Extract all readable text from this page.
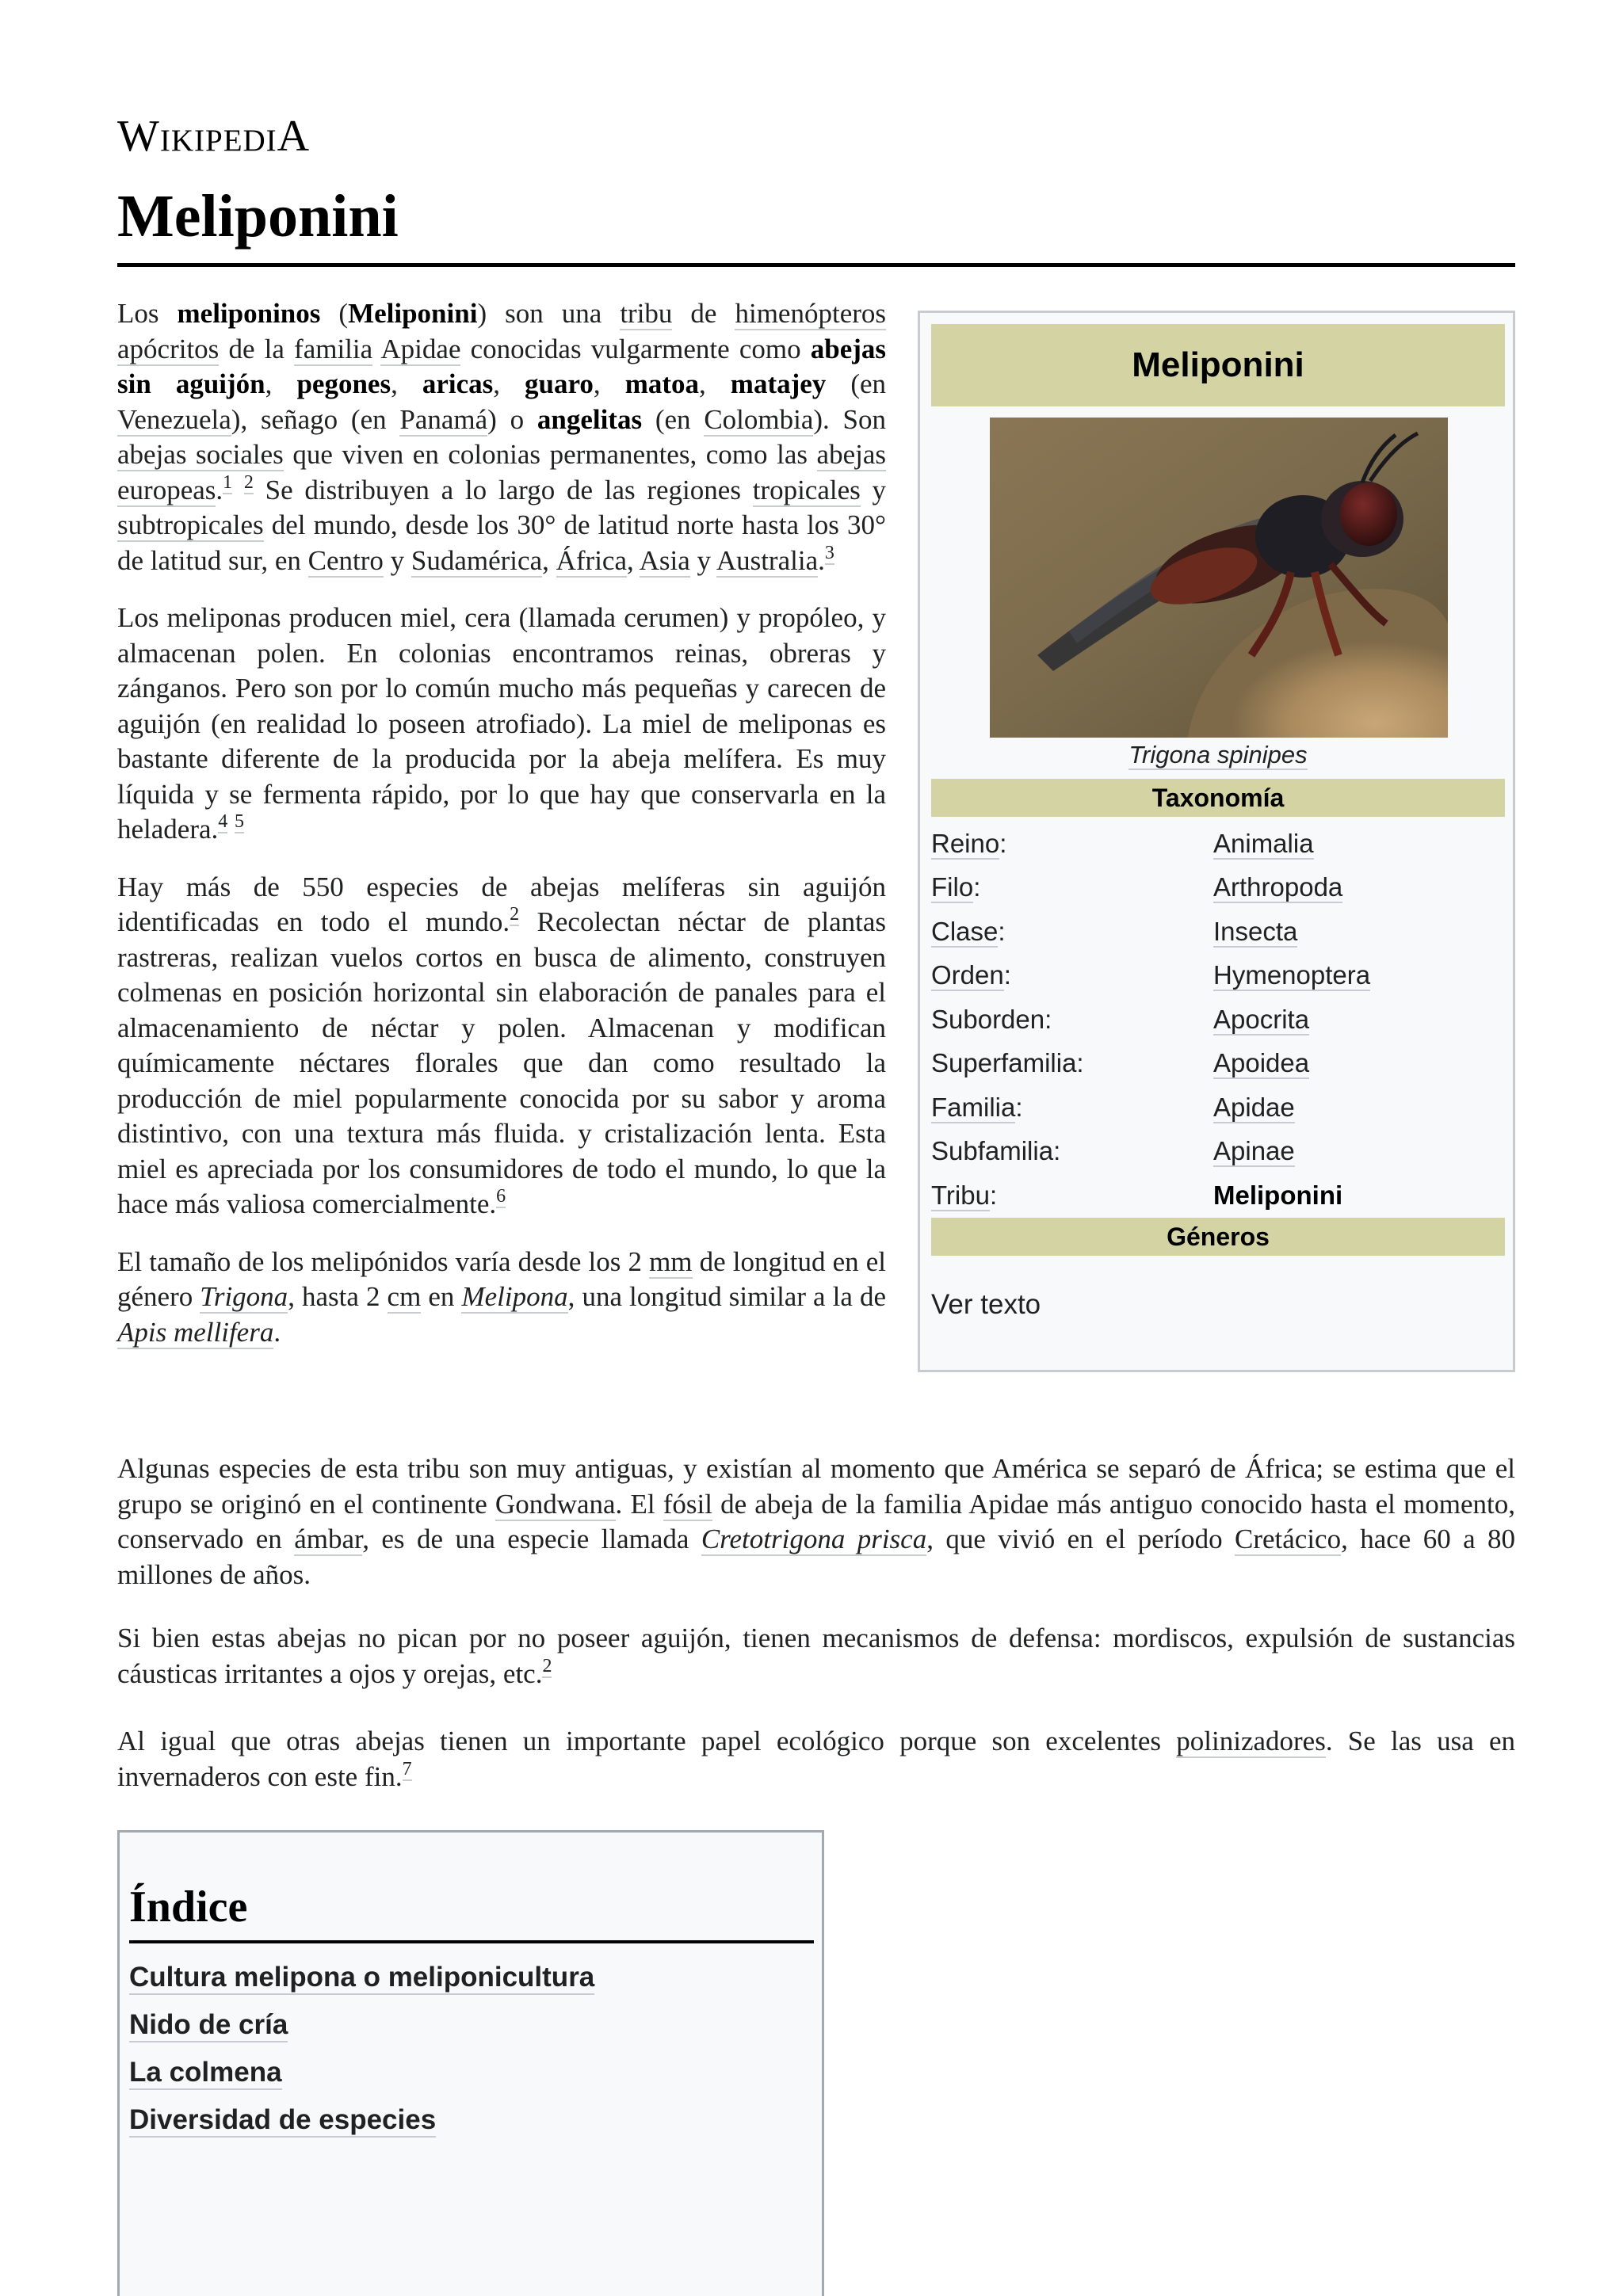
WikipediA
Meliponini

Los meliponinos (Meliponini) son una tribu de himenópteros apócritos de la familia Apidae conocidas vulgarmente como abejas sin aguijón, pegones, aricas, guaro, matoa, matajey (en Venezuela), señago (en Panamá) o angelitas (en Colombia). Son abejas sociales que viven en colonias permanentes, como las abejas europeas.$^1$ $^2$ Se distribuyen a lo largo de las regiones tropicales y subtropicales del mundo, desde los 30° de latitud norte hasta los 30° de latitud sur, en Centro y Sudamérica, África, Asia y Australia.$^3$

Los meliponas producen miel, cera (llamada cerumen) y propóleo, y almacenan polen. En colonias encontramos reinas, obreras y zánganos. Pero son por lo común mucho más pequeñas y carecen de aguijón (en realidad lo poseen atrofiado). La miel de meliponas es bastante diferente de la producida por la abeja melífera. Es muy líquida y se fermenta rápido, por lo que hay que conservarla en la heladera.$^4$ $^5$

Hay más de 550 especies de abejas melíferas sin aguijón identificadas en todo el mundo.$^2$ Recolectan néctar de plantas rastreras, realizan vuelos cortos en busca de alimento, construyen colmenas en posición horizontal sin elaboración de panales para el almacenamiento de néctar y polen. Almacenan y modifican químicamente néctares florales que dan como resultado la producción de miel popularmente conocida por su sabor y aroma distintivo, con una textura más fluida. y cristalización lenta. Esta miel es apreciada por los consumidores de todo el mundo, lo que la hace más valiosa comercialmente.$^6$

El tamaño de los melipónidos varía desde los 2 mm de longitud en el género Trigona, hasta 2 cm en Melipona, una longitud similar a la de Apis mellifera.

Algunas especies de esta tribu son muy antiguas, y existían al momento que América se separó de África; se estima que el grupo se originó en el continente Gondwana. El fósil de abeja de la familia Apidae más antiguo conocido hasta el momento, conservado en ámbar, es de una especie llamada Cretotrigona prisca, que vivió en el período Cretácico, hace 60 a 80 millones de años.

Si bien estas abejas no pican por no poseer aguijón, tienen mecanismos de defensa: mordiscos, expulsión de sustancias cáusticas irritantes a ojos y orejas, etc.$^2$

Al igual que otras abejas tienen un importante papel ecológico porque son excelentes polinizadores. Se las usa en invernaderos con este fin.$^7$

Meliponini
Trigona spinipes
Taxonomía
Reino:	Animalia
Filo:	Arthropoda
Clase:	Insecta
Orden:	Hymenoptera
Suborden:	Apocrita
Superfamilia:	Apoidea
Familia:	Apidae
Subfamilia:	Apinae
Tribu:	Meliponini
Géneros
Ver texto
Índice
Cultura melipona o meliponicultura
Nido de cría
La colmena
Diversidad de especies
